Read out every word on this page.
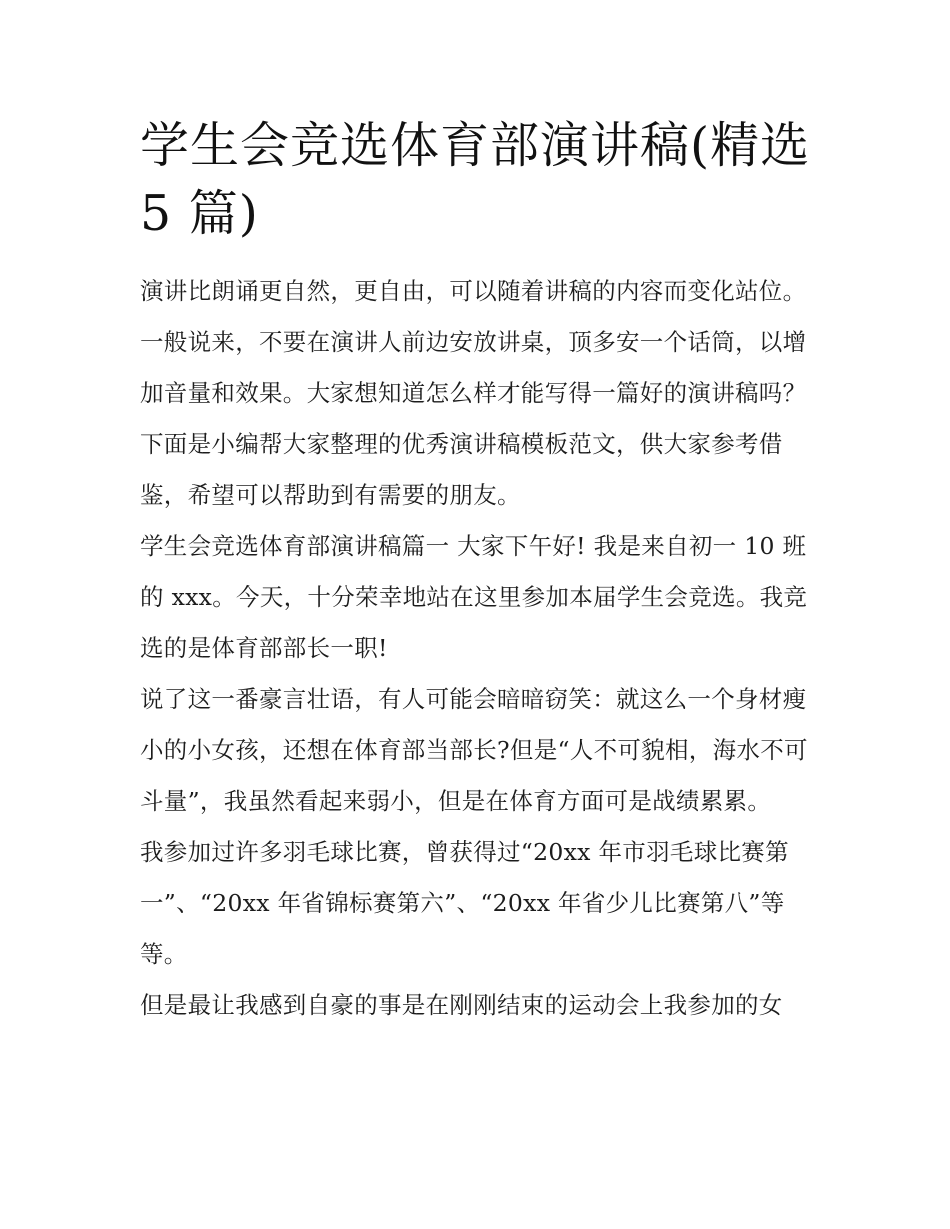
学生会竞选体育部演讲稿(精选 5 篇)

演讲比朗诵更自然，更自由，可以随着讲稿的内容而变化站位。一般说来，不要在演讲人前边安放讲桌，顶多安一个话筒，以增加音量和效果。大家想知道怎么样才能写得一篇好的演讲稿吗？下面是小编帮大家整理的优秀演讲稿模板范文，供大家参考借鉴，希望可以帮助到有需要的朋友。

学生会竞选体育部演讲稿篇一 大家下午好! 我是来自初一 10 班的 xxx。今天，十分荣幸地站在这里参加本届学生会竞选。我竞选的是体育部部长一职!

说了这一番豪言壮语，有人可能会暗暗窃笑：就这么一个身材瘦小的小女孩，还想在体育部当部长?但是“人不可貌相，海水不可斗量”，我虽然看起来弱小，但是在体育方面可是战绩累累。

我参加过许多羽毛球比赛，曾获得过“20xx 年市羽毛球比赛第一”、“20xx 年省锦标赛第六”、“20xx 年省少儿比赛第八”等等。

但是最让我感到自豪的事是在刚刚结束的运动会上我参加的女
